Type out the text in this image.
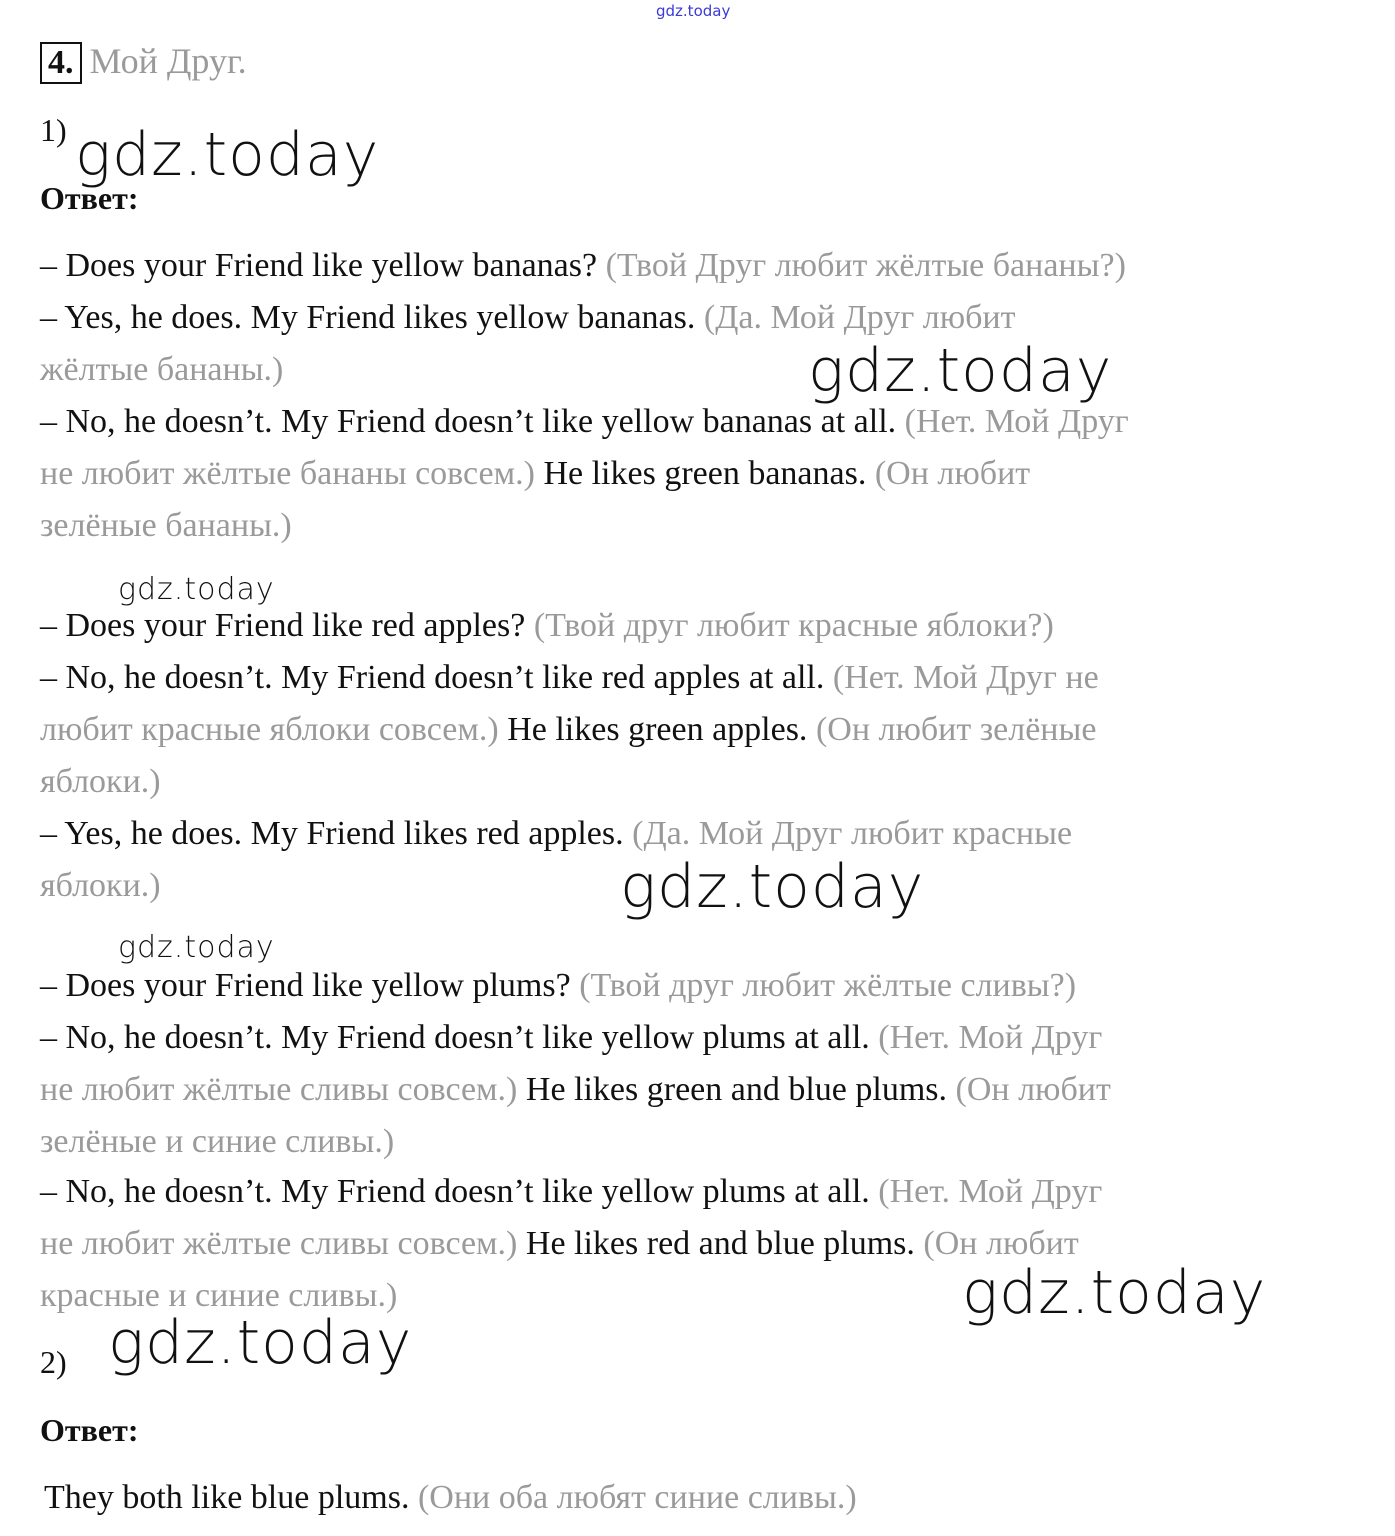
gdz.today
gdz.today
gdz.today
gdz.today
gdz.today
gdz.today
gdz.today
gdz.today
4. Мой Друг.
1)
Ответ:
– Does your Friend like yellow bananas? (Твой Друг любит жёлтые бананы?)
– Yes, he does. My Friend likes yellow bananas. (Да. Мой Друг любит
жёлтые бананы.)
– No, he doesn’t. My Friend doesn’t like yellow bananas at all. (Нет. Мой Друг
не любит жёлтые бананы совсем.) He likes green bananas. (Он любит
зелёные бананы.)
– Does your Friend like red apples? (Твой друг любит красные яблоки?)
– No, he doesn’t. My Friend doesn’t like red apples at all. (Нет. Мой Друг не
любит красные яблоки совсем.) He likes green apples. (Он любит зелёные
яблоки.)
– Yes, he does. My Friend likes red apples. (Да. Мой Друг любит красные
яблоки.)
– Does your Friend like yellow plums? (Твой друг любит жёлтые сливы?)
– No, he doesn’t. My Friend doesn’t like yellow plums at all. (Нет. Мой Друг
не любит жёлтые сливы совсем.) He likes green and blue plums. (Он любит
зелёные и синие сливы.)
– No, he doesn’t. My Friend doesn’t like yellow plums at all. (Нет. Мой Друг
не любит жёлтые сливы совсем.) He likes red and blue plums. (Он любит
красные и синие сливы.)
2)
Ответ:
They both like blue plums. (Они оба любят синие сливы.)
